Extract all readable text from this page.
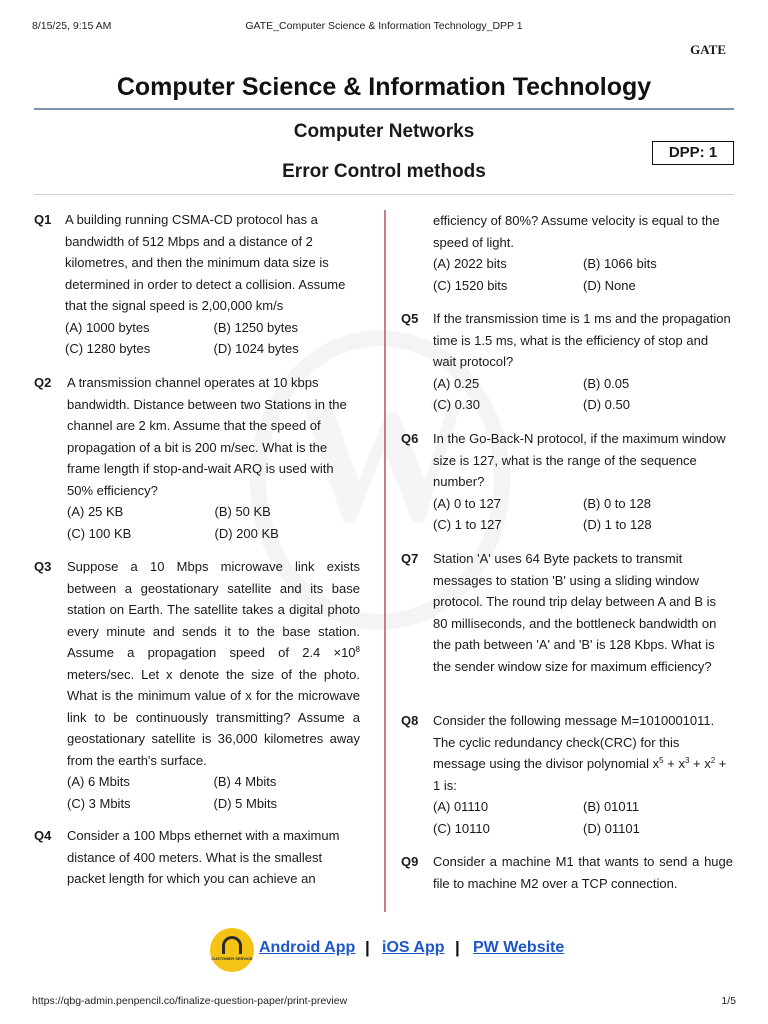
8/15/25, 9:15 AM	GATE_Computer Science & Information Technology_DPP 1
GATE
Computer Science & Information Technology
Computer Networks
Error Control methods
DPP: 1
Q1 A building running CSMA-CD protocol has a bandwidth of 512 Mbps and a distance of 2 kilometres, and then the minimum data size is determined in order to detect a collision. Assume that the signal speed is 2,00,000 km/s
(A) 1000 bytes	(B) 1250 bytes
(C) 1280 bytes	(D) 1024 bytes
Q2 A transmission channel operates at 10 kbps bandwidth. Distance between two Stations in the channel are 2 km. Assume that the speed of propagation of a bit is 200 m/sec. What is the frame length if stop-and-wait ARQ is used with 50% efficiency?
(A) 25 KB	(B) 50 KB
(C) 100 KB	(D) 200 KB
Q3 Suppose a 10 Mbps microwave link exists between a geostationary satellite and its base station on Earth. The satellite takes a digital photo every minute and sends it to the base station. Assume a propagation speed of $2.4 \times 10^8$ meters/sec. Let x denote the size of the photo. What is the minimum value of x for the microwave link to be continuously transmitting? Assume a geostationary satellite is 36,000 kilometres away from the earth's surface.
(A) 6 Mbits	(B) 4 Mbits
(C) 3 Mbits	(D) 5 Mbits
Q4 Consider a 100 Mbps ethernet with a maximum distance of 400 meters. What is the smallest packet length for which you can achieve an
efficiency of 80%? Assume velocity is equal to the speed of light.
(A) 2022 bits	(B) 1066 bits
(C) 1520 bits	(D) None
Q5 If the transmission time is 1 ms and the propagation time is 1.5 ms, what is the efficiency of stop and wait protocol?
(A) 0.25	(B) 0.05
(C) 0.30	(D) 0.50
Q6 In the Go-Back-N protocol, if the maximum window size is 127, what is the range of the sequence number?
(A) 0 to 127	(B) 0 to 128
(C) 1 to 127	(D) 1 to 128
Q7 Station 'A' uses 64 Byte packets to transmit messages to station 'B' using a sliding window protocol. The round trip delay between A and B is 80 milliseconds, and the bottleneck bandwidth on the path between 'A' and 'B' is 128 Kbps. What is the sender window size for maximum efficiency?
Q8 Consider the following message M=1010001011. The cyclic redundancy check(CRC) for this message using the divisor polynomial $x^5 + x^3 + x^2 + 1$ is:
(A) 01110	(B) 01011
(C) 10110	(D) 01101
Q9 Consider a machine M1 that wants to send a huge file to machine M2 over a TCP connection.
CUSTOMER SERVICE
Android App | iOS App | PW Website
https://qbg-admin.penpencil.co/finalize-question-paper/print-preview	1/5
